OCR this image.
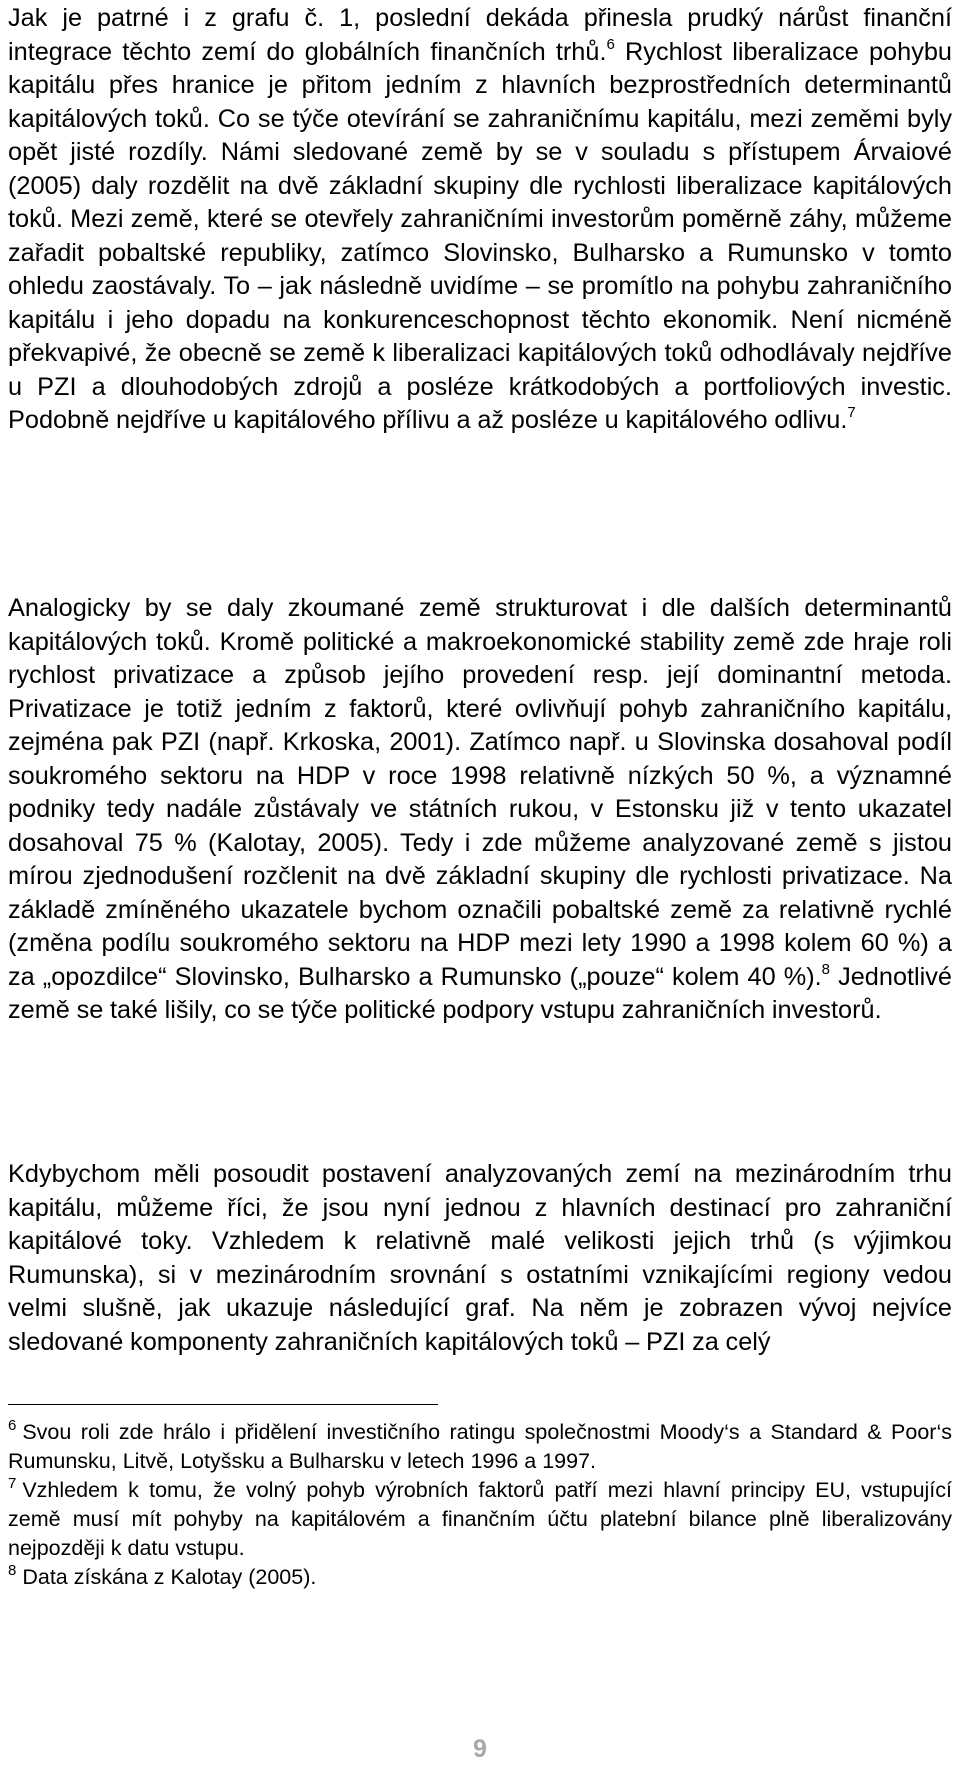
Jak je patrné i z grafu č. 1, poslední dekáda přinesla prudký nárůst finanční integrace těchto zemí do globálních finančních trhů.$^6$ Rychlost liberalizace pohybu kapitálu přes hranice je přitom jedním z hlavních bezprostředních determinantů kapitálových toků. Co se týče otevírání se zahraničnímu kapitálu, mezi zeměmi byly opět jisté rozdíly. Námi sledované země by se v souladu s přístupem Árvaiové (2005) daly rozdělit na dvě základní skupiny dle rychlosti liberalizace kapitálových toků. Mezi země, které se otevřely zahraničními investorům poměrně záhy, můžeme zařadit pobaltské republiky, zatímco Slovinsko, Bulharsko a Rumunsko v tomto ohledu zaostávaly. To – jak následně uvidíme – se promítlo na pohybu zahraničního kapitálu i jeho dopadu na konkurenceschopnost těchto ekonomik. Není nicméně překvapivé, že obecně se země k liberalizaci kapitálových toků odhodlávaly nejdříve u PZI a dlouhodobých zdrojů a posléze krátkodobých a portfoliových investic. Podobně nejdříve u kapitálového přílivu a až posléze u kapitálového odlivu.$^7$

Analogicky by se daly zkoumané země strukturovat i dle dalších determinantů kapitálových toků. Kromě politické a makroekonomické stability země zde hraje roli rychlost privatizace a způsob jejího provedení resp. její dominantní metoda. Privatizace je totiž jedním z faktorů, které ovlivňují pohyb zahraničního kapitálu, zejména pak PZI (např. Krkoska, 2001). Zatímco např. u Slovinska dosahoval podíl soukromého sektoru na HDP v roce 1998 relativně nízkých 50 %, a významné podniky tedy nadále zůstávaly ve státních rukou, v Estonsku již v tento ukazatel dosahoval 75 % (Kalotay, 2005). Tedy i zde můžeme analyzované země s jistou mírou zjednodušení rozčlenit na dvě základní skupiny dle rychlosti privatizace. Na základě zmíněného ukazatele bychom označili pobaltské země za relativně rychlé (změna podílu soukromého sektoru na HDP mezi lety 1990 a 1998 kolem 60 %) a za „opozdilce“ Slovinsko, Bulharsko a Rumunsko („pouze“ kolem 40 %).$^8$ Jednotlivé země se také lišily, co se týče politické podpory vstupu zahraničních investorů.

Kdybychom měli posoudit postavení analyzovaných zemí na mezinárodním trhu kapitálu, můžeme říci, že jsou nyní jednou z hlavních destinací pro zahraniční kapitálové toky. Vzhledem k relativně malé velikosti jejich trhů (s výjimkou Rumunska), si v mezinárodním srovnání s ostatními vznikajícími regiony vedou velmi slušně, jak ukazuje následující graf. Na něm je zobrazen vývoj nejvíce sledované komponenty zahraničních kapitálových toků – PZI za celý

$^6$ Svou roli zde hrálo i přidělení investičního ratingu společnostmi Moody‘s a Standard & Poor‘s Rumunsku, Litvě, Lotyšsku a Bulharsku v letech 1996 a 1997.

$^7$ Vzhledem k tomu, že volný pohyb výrobních faktorů patří mezi hlavní principy EU, vstupující země musí mít pohyby na kapitálovém a finančním účtu platební bilance plně liberalizovány nejpozději k datu vstupu.

$^8$ Data získána z Kalotay (2005).

9
